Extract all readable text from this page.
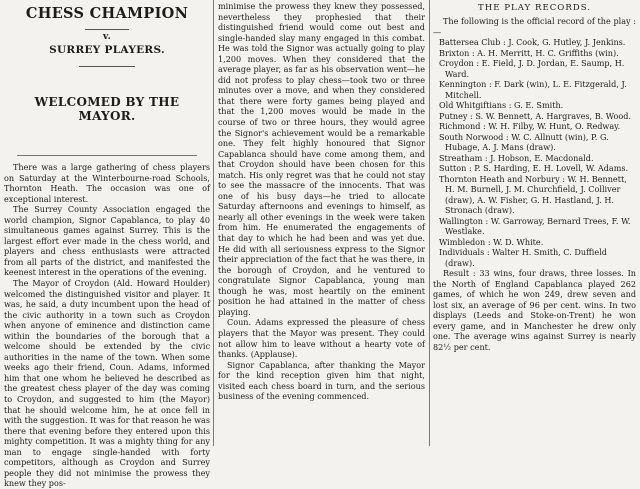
CHESS CHAMPION
v.
SURREY PLAYERS.
WELCOMED BY THE MAYOR.

There was a large gathering of chess players on Saturday at the Winterbourne-road Schools, Thornton Heath. The occasion was one of exceptional interest.

The Surrey County Association engaged the world champion, Signor Capablanca, to play 40 simultaneous games against Surrey. This is the largest effort ever made in the chess world, and players and chess enthusiasts were attracted from all parts of the district, and manifested the keenest interest in the operations of the evening.

The Mayor of Croydon (Ald. Howard Houlder) welcomed the distinguished visitor and player. It was, he said, a duty incumbent upon the head of the civic authority in a town such as Croydon when anyone of eminence and distinction came within the boundaries of the borough that a welcome should be extended by the civic authorities in the name of the town. When some weeks ago their friend, Coun. Adams, informed him that one whom he believed he described as the greatest chess player of the day was coming to Croydon, and suggested to him (the Mayor) that he should welcome him, he at once fell in with the suggestion. It was for that reason he was there that evening before they entered upon this mighty competition. It was a mighty thing for any man to engage single-handed with forty competitors, although as Croydon and Surrey people they did not minimise the prowess they knew they pos-

minimise the prowess they knew they possessed, nevertheless they prophesied that their distinguished friend would come out best and single-handed slay many engaged in this combat. He was told the Signor was actually going to play 1,200 moves. When they considered that the average player, as far as his observation went—he did not profess to play chess—took two or three minutes over a move, and when they considered that there were forty games being played and that the 1,200 moves would be made in the course of two or three hours, they would agree the Signor's achievement would be a remarkable one. They felt highly honoured that Signor Capablanca should have come among them, and that Croydon should have been chosen for this match. His only regret was that he could not stay to see the massacre of the innocents. That was one of his busy days—he tried to allocate Saturday afternoons and evenings to himself, as nearly all other evenings in the week were taken from him. He enumerated the engagements of that day to which he had been and was yet due. He did with all seriousness express to the Signor their appreciation of the fact that he was there, in the borough of Croydon, and he ventured to congratulate Signor Capablanca, young man though he was, most heartily on the eminent position he had attained in the matter of chess playing.

Coun. Adams expressed the pleasure of chess players that the Mayor was present. They could not allow him to leave without a hearty vote of thanks. (Applause).

Signor Capablanca, after thanking the Mayor for the kind reception given him that night, visited each chess board in turn, and the serious business of the evening commenced.

THE PLAY RECORDS.

The following is the official record of the play :—

Battersea Club : J. Cook, G. Hutley, J. Jenkins.

Brixton : A. H. Merritt, H. C. Griffiths (win).

Croydon : E. Field, J. D. Jordan, E. Saump, H. Ward.

Kennington : F. Dark (win), L. E. Fitzgerald, J. Mitchell.

Old Whitgiftians : G. E. Smith.

Putney : S. W. Bennett, A. Hargraves, B. Wood.

Richmond : W. H. Filby, W. Hunt, O. Redway.

South Norwood : W. C. Allnutt (win), P. G. Hubage, A. J. Mans (draw).

Streatham : J. Hobson, E. Macdonald.

Sutton : P. S. Harding, E. H. Lovell, W. Adams.

Thornton Heath and Norbury : W. H. Bennett, H. M. Burnell, J. M. Churchfield, J. Colliver (draw), A. W. Fisher, G. H. Hastland, J. H. Stronach (draw).

Wallington : W. Garroway, Bernard Trees, F. W. Westlake.

Wimbledon : W. D. White.

Individuals : Walter H. Smith, C. Duffield (draw).

Result : 33 wins, four draws, three losses. In the North of England Capablanca played 262 games, of which he won 249, drew seven and lost six, an average of 96 per cent. wins. In two displays (Leeds and Stoke-on-Trent) he won every game, and in Manchester he drew only one. The average wins against Surrey is nearly 82½ per cent.
